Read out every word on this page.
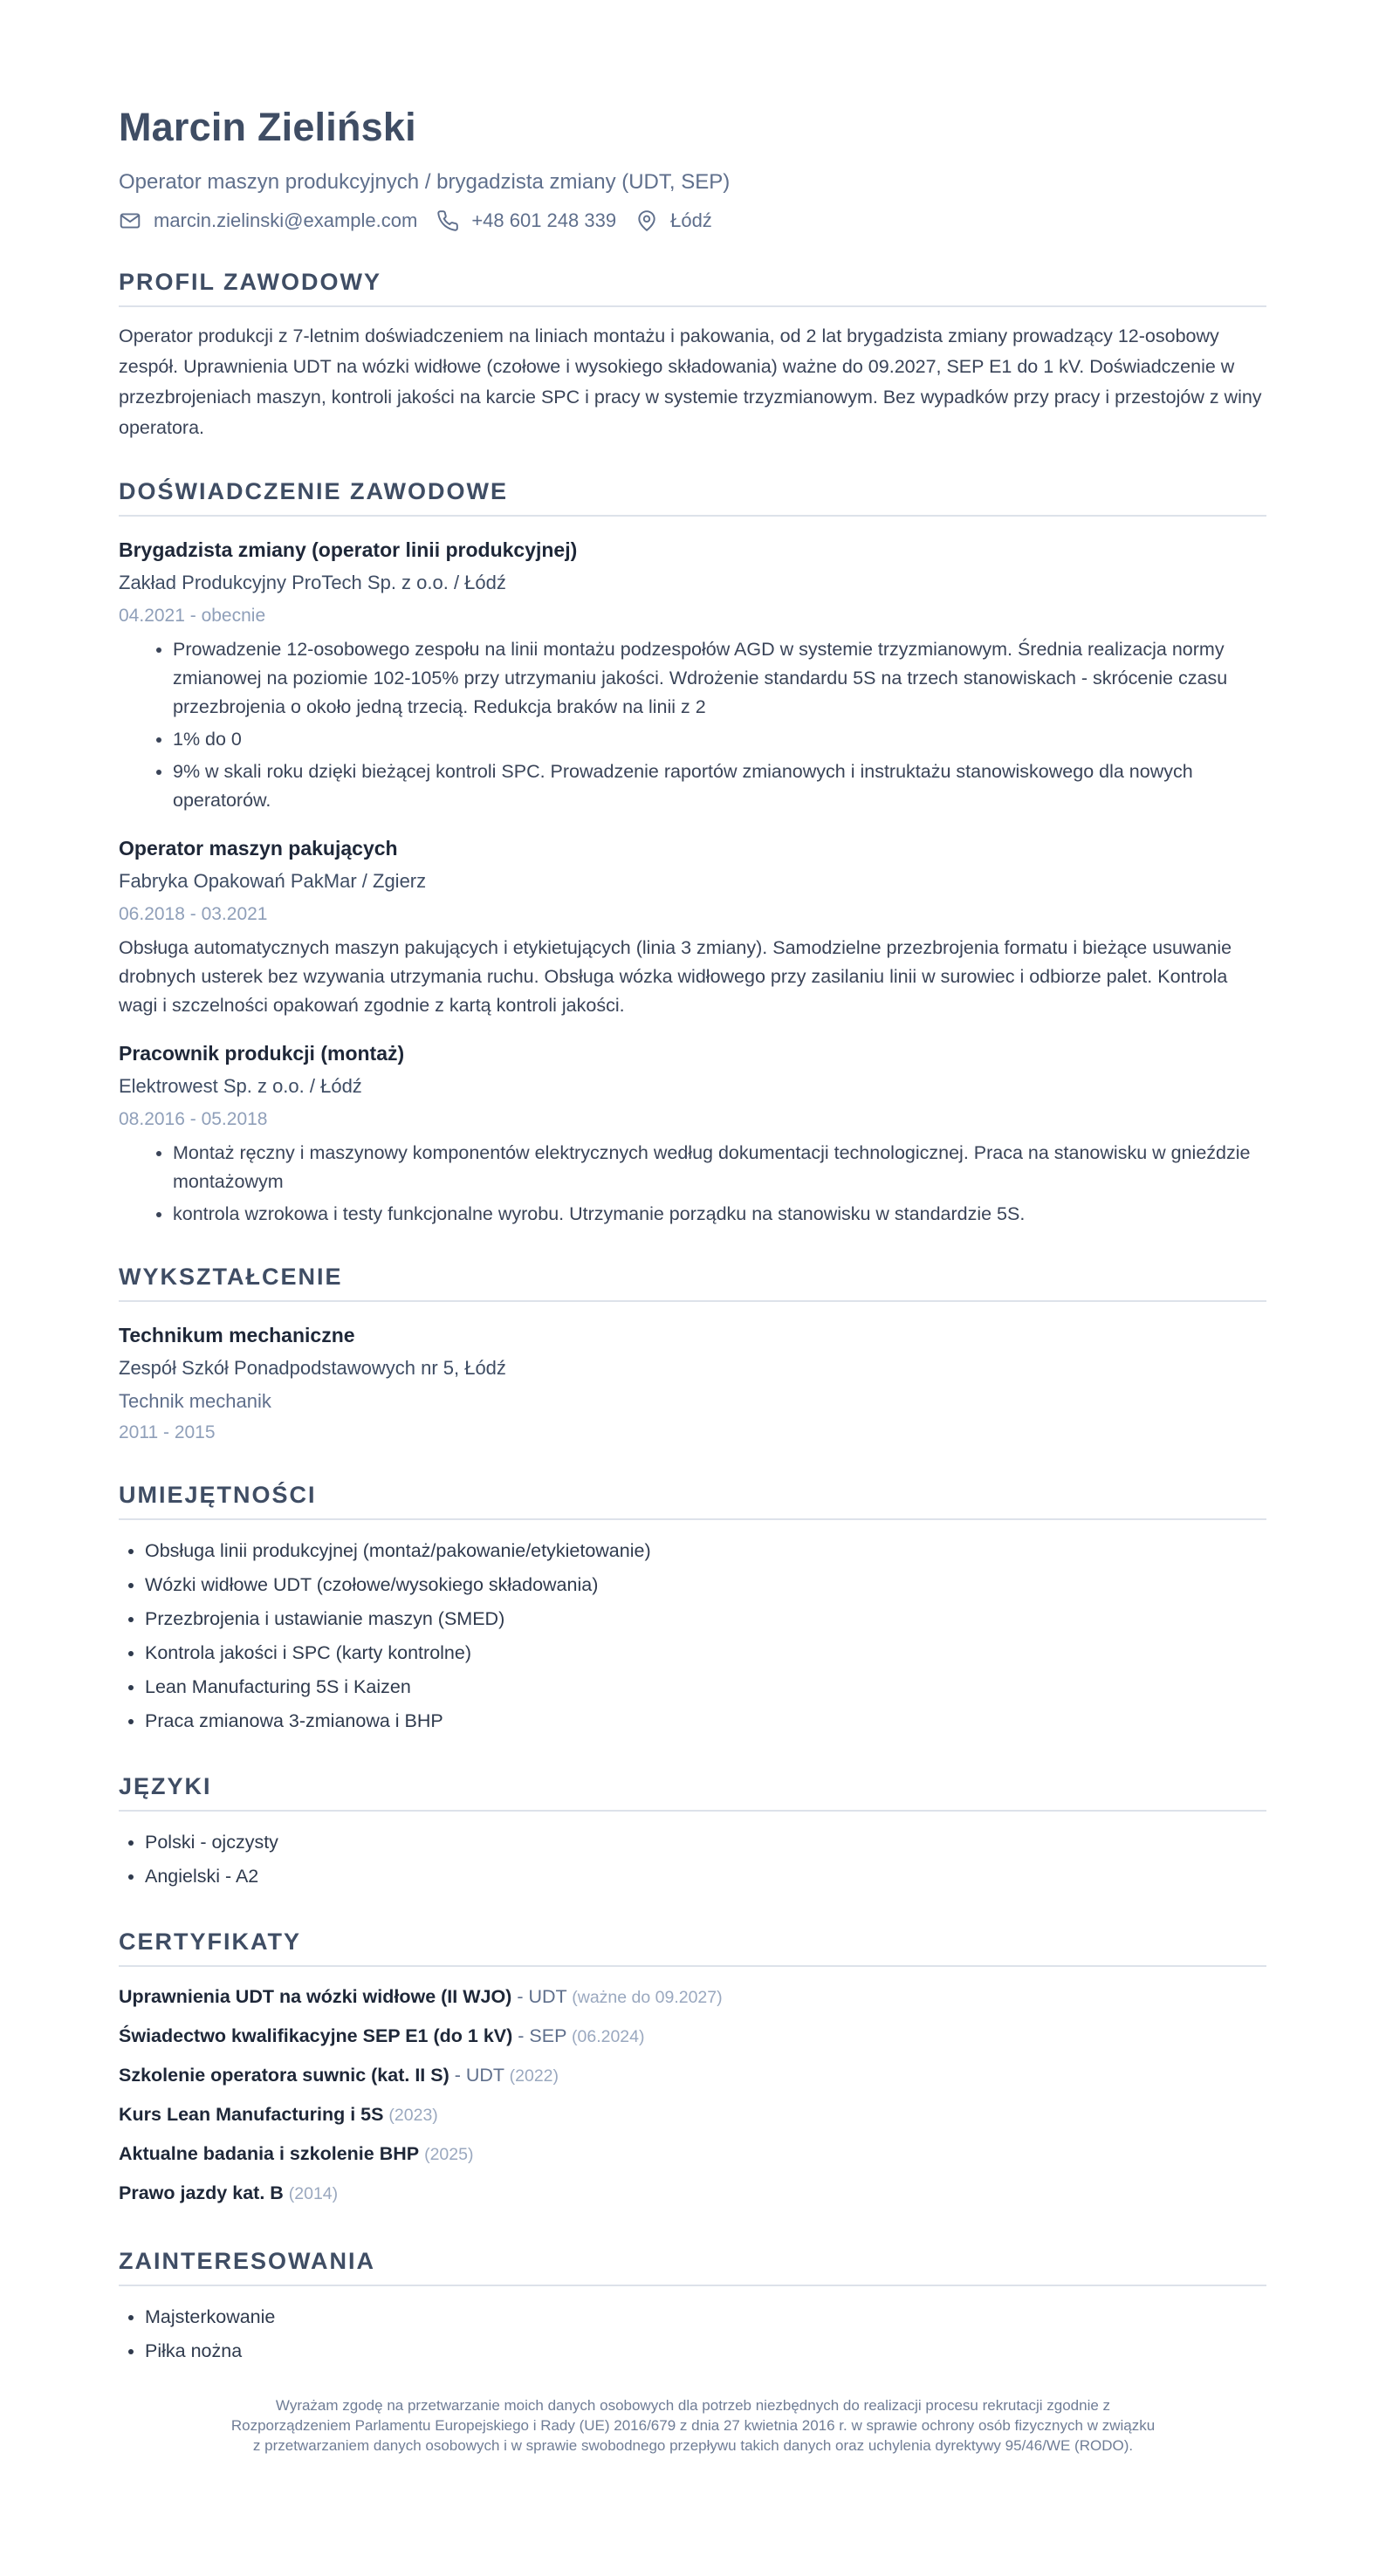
Marcin Zieliński
Operator maszyn produkcyjnych / brygadzista zmiany (UDT, SEP)
marcin.zielinski@example.com	+48 601 248 339	Łódź
PROFIL ZAWODOWY
Operator produkcji z 7-letnim doświadczeniem na liniach montażu i pakowania, od 2 lat brygadzista zmiany prowadzący 12-osobowy zespół. Uprawnienia UDT na wózki widłowe (czołowe i wysokiego składowania) ważne do 09.2027, SEP E1 do 1 kV. Doświadczenie w przezbrojeniach maszyn, kontroli jakości na karcie SPC i pracy w systemie trzyzmianowym. Bez wypadków przy pracy i przestojów z winy operatora.
DOŚWIADCZENIE ZAWODOWE
Brygadzista zmiany (operator linii produkcyjnej)
Zakład Produkcyjny ProTech Sp. z o.o. / Łódź
04.2021 - obecnie
• Prowadzenie 12-osobowego zespołu na linii montażu podzespołów AGD w systemie trzyzmianowym. Średnia realizacja normy zmianowej na poziomie 102-105% przy utrzymaniu jakości. Wdrożenie standardu 5S na trzech stanowiskach - skrócenie czasu przezbrojenia o około jedną trzecią. Redukcja braków na linii z 2
• 1% do 0
• 9% w skali roku dzięki bieżącej kontroli SPC. Prowadzenie raportów zmianowych i instruktażu stanowiskowego dla nowych operatorów.
Operator maszyn pakujących
Fabryka Opakowań PakMar / Zgierz
06.2018 - 03.2021
Obsługa automatycznych maszyn pakujących i etykietujących (linia 3 zmiany). Samodzielne przezbrojenia formatu i bieżące usuwanie drobnych usterek bez wzywania utrzymania ruchu. Obsługa wózka widłowego przy zasilaniu linii w surowiec i odbiorze palet. Kontrola wagi i szczelności opakowań zgodnie z kartą kontroli jakości.
Pracownik produkcji (montaż)
Elektrowest Sp. z o.o. / Łódź
08.2016 - 05.2018
• Montaż ręczny i maszynowy komponentów elektrycznych według dokumentacji technologicznej. Praca na stanowisku w gnieździe montażowym
• kontrola wzrokowa i testy funkcjonalne wyrobu. Utrzymanie porządku na stanowisku w standardzie 5S.
WYKSZTAŁCENIE
Technikum mechaniczne
Zespół Szkół Ponadpodstawowych nr 5, Łódź
Technik mechanik
2011 - 2015
UMIEJĘTNOŚCI
• Obsługa linii produkcyjnej (montaż/pakowanie/etykietowanie)
• Wózki widłowe UDT (czołowe/wysokiego składowania)
• Przezbrojenia i ustawianie maszyn (SMED)
• Kontrola jakości i SPC (karty kontrolne)
• Lean Manufacturing 5S i Kaizen
• Praca zmianowa 3-zmianowa i BHP
JĘZYKI
• Polski - ojczysty
• Angielski - A2
CERTYFIKATY
Uprawnienia UDT na wózki widłowe (II WJO) - UDT (ważne do 09.2027)
Świadectwo kwalifikacyjne SEP E1 (do 1 kV) - SEP (06.2024)
Szkolenie operatora suwnic (kat. II S) - UDT (2022)
Kurs Lean Manufacturing i 5S (2023)
Aktualne badania i szkolenie BHP (2025)
Prawo jazdy kat. B (2014)
ZAINTERESOWANIA
• Majsterkowanie
• Piłka nożna
Wyrażam zgodę na przetwarzanie moich danych osobowych dla potrzeb niezbędnych do realizacji procesu rekrutacji zgodnie z Rozporządzeniem Parlamentu Europejskiego i Rady (UE) 2016/679 z dnia 27 kwietnia 2016 r. w sprawie ochrony osób fizycznych w związku z przetwarzaniem danych osobowych i w sprawie swobodnego przepływu takich danych oraz uchylenia dyrektywy 95/46/WE (RODO).
